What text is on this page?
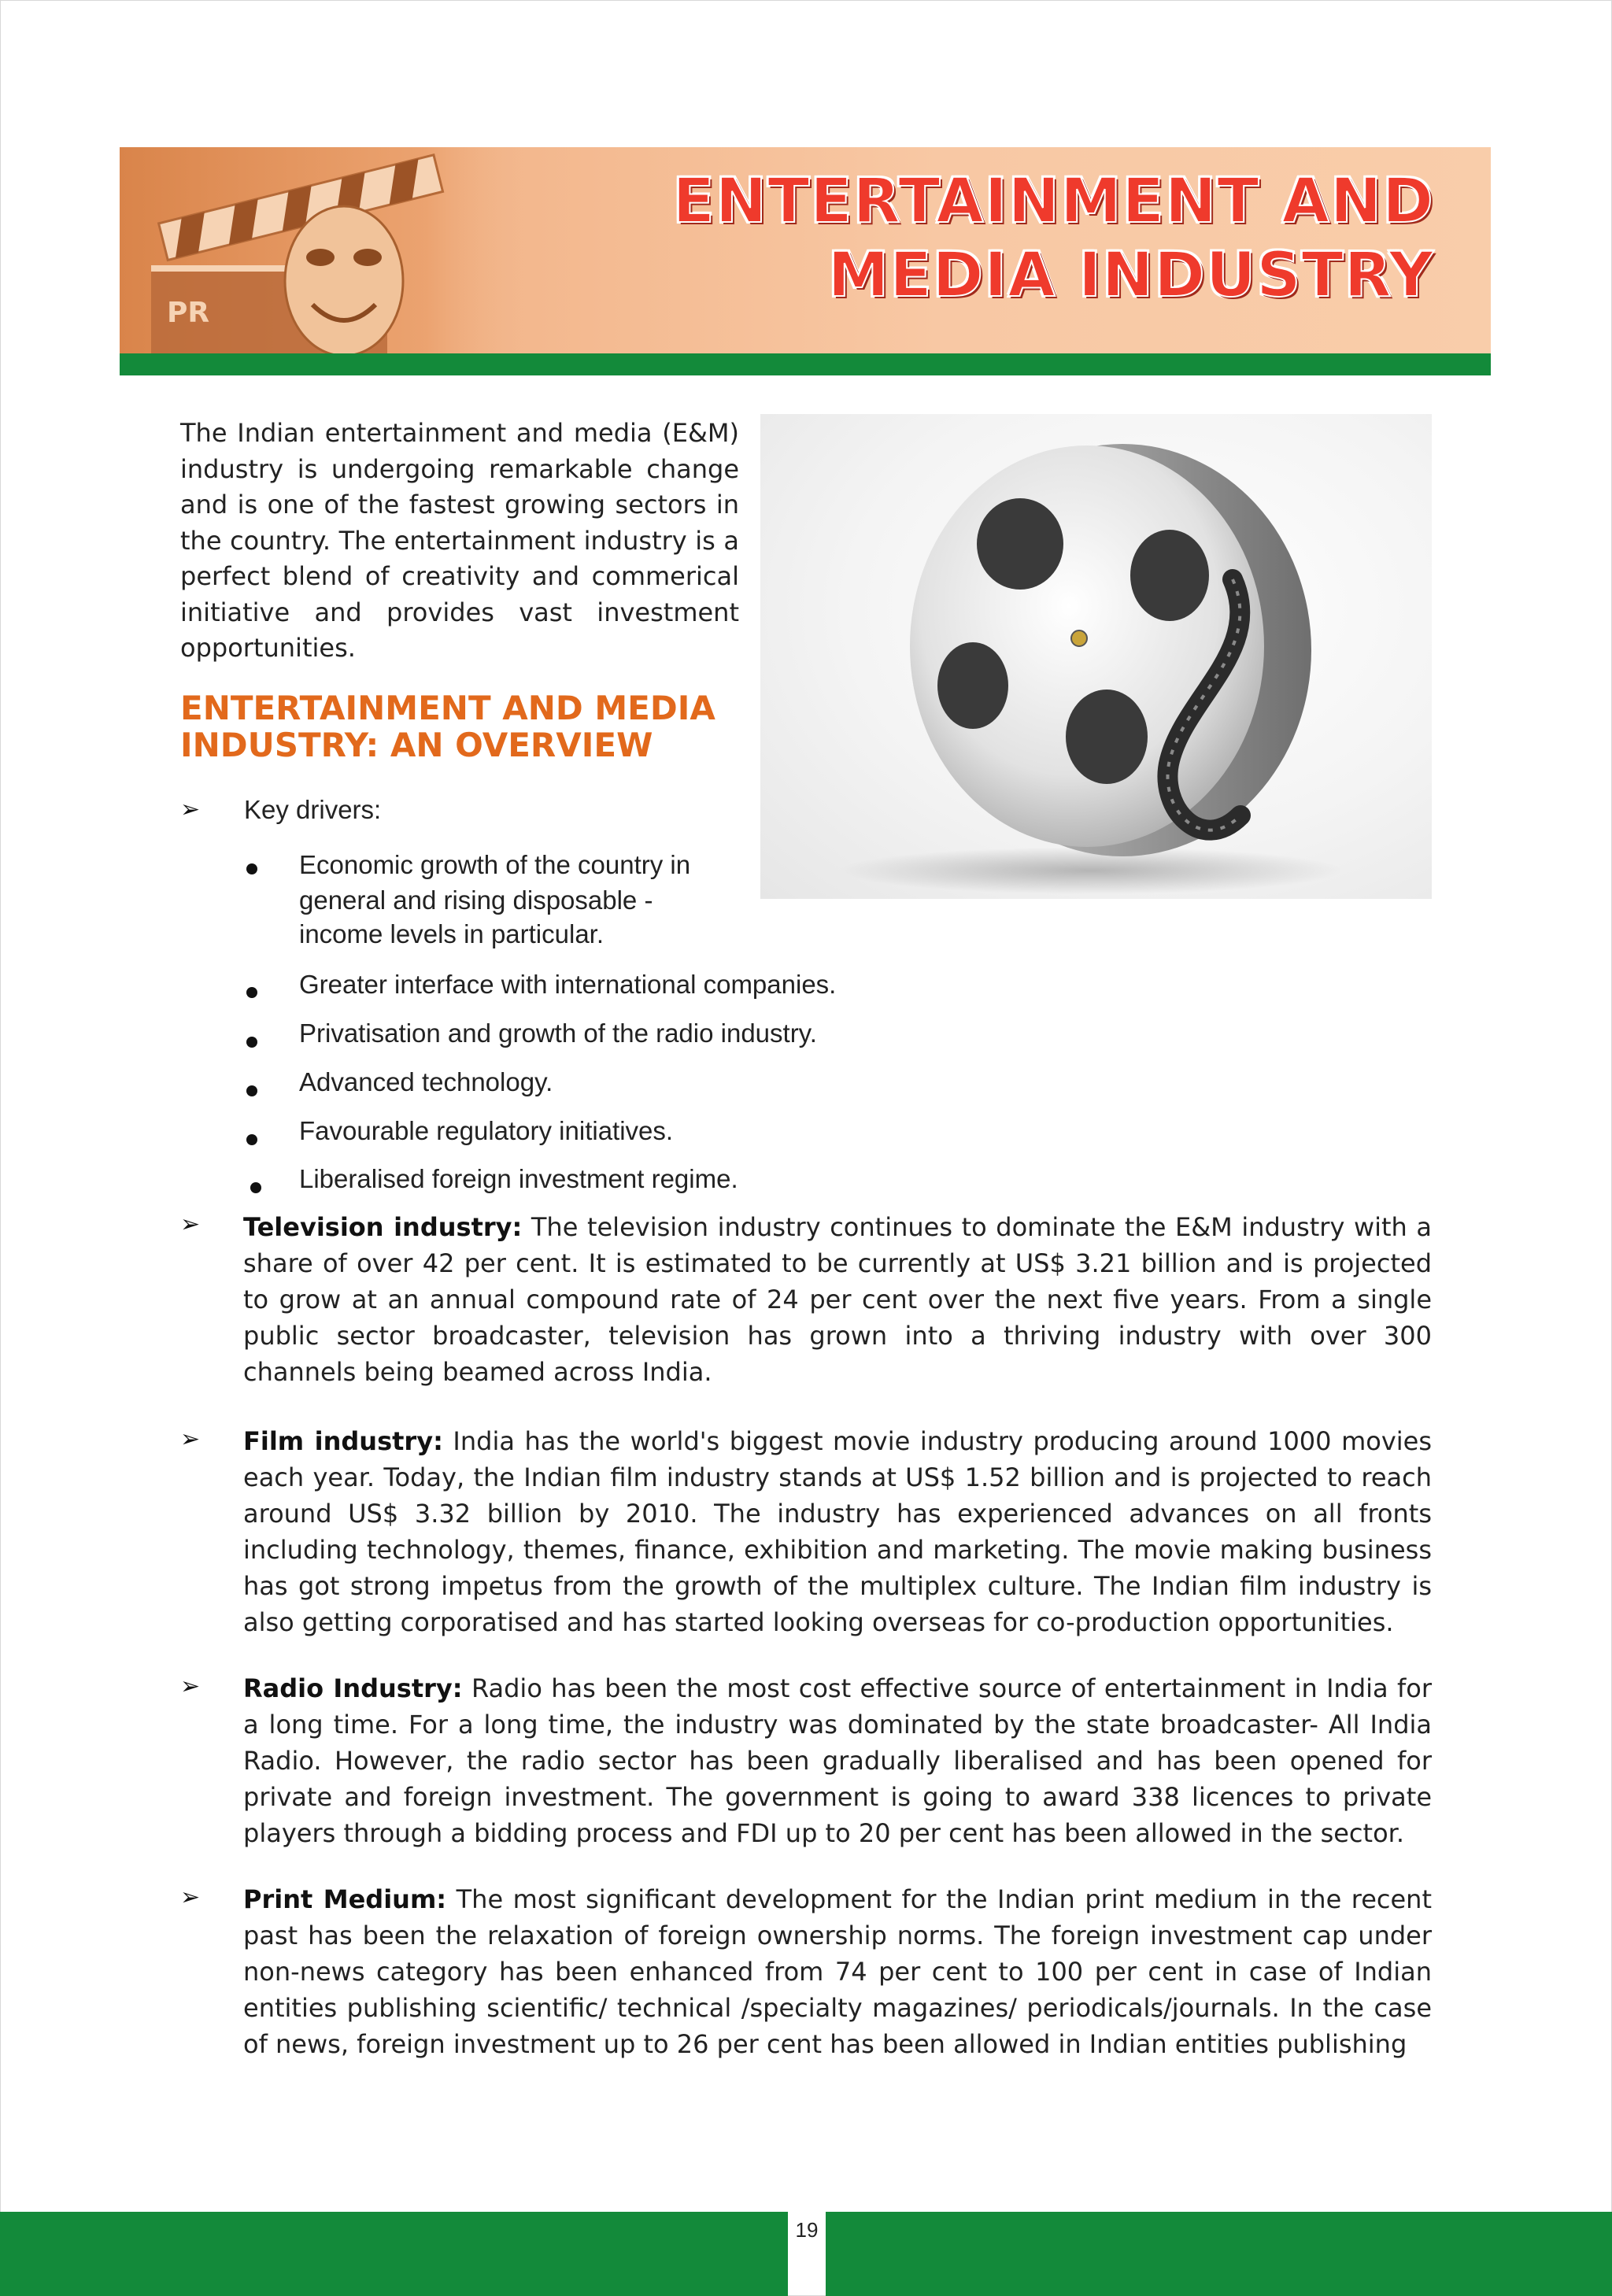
PR
ENTERTAINMENT AND
MEDIA INDUSTRY
The Indian entertainment and media (E&M) industry is undergoing remarkable change and is one of the fastest growing sectors in the country. The entertainment industry is a perfect blend of creativity and commerical initiative and provides vast investment opportunities.
ENTERTAINMENT AND MEDIA
INDUSTRY: AN OVERVIEW
➢ Key drivers:
Economic growth of the country in
general and rising disposable -
income levels in particular.
Greater interface with international companies.
Privatisation and growth of the radio industry.
Advanced technology.
Favourable regulatory initiatives.
Liberalised foreign investment regime.
➢ Television industry: The television industry continues to dominate the E&M industry with a share of over 42 per cent. It is estimated to be currently at US$ 3.21 billion and is projected to grow at an annual compound rate of 24 per cent over the next five years. From a single public sector broadcaster, television has grown into a thriving industry with over 300 channels being beamed across India.
➢ Film industry: India has the world's biggest movie industry producing around 1000 movies each year. Today, the Indian film industry stands at US$ 1.52 billion and is projected to reach around US$ 3.32 billion by 2010. The industry has experienced advances on all fronts including technology, themes, finance, exhibition and marketing. The movie making business has got strong impetus from the growth of the multiplex culture. The Indian film industry is also getting corporatised and has started looking overseas for co-production opportunities.
➢ Radio Industry: Radio has been the most cost effective source of entertainment in India for a long time. For a long time, the industry was dominated by the state broadcaster- All India Radio. However, the radio sector has been gradually liberalised and has been opened for private and foreign investment. The government is going to award 338 licences to private players through a bidding process and FDI up to 20 per cent has been allowed in the sector.
➢ Print Medium: The most significant development for the Indian print medium in the recent past has been the relaxation of foreign ownership norms. The foreign investment cap under non-news category has been enhanced from 74 per cent to 100 per cent in case of Indian entities publishing scientific/ technical /specialty magazines/ periodicals/journals. In the case of news, foreign investment up to 26 per cent has been allowed in Indian entities publishing
19
